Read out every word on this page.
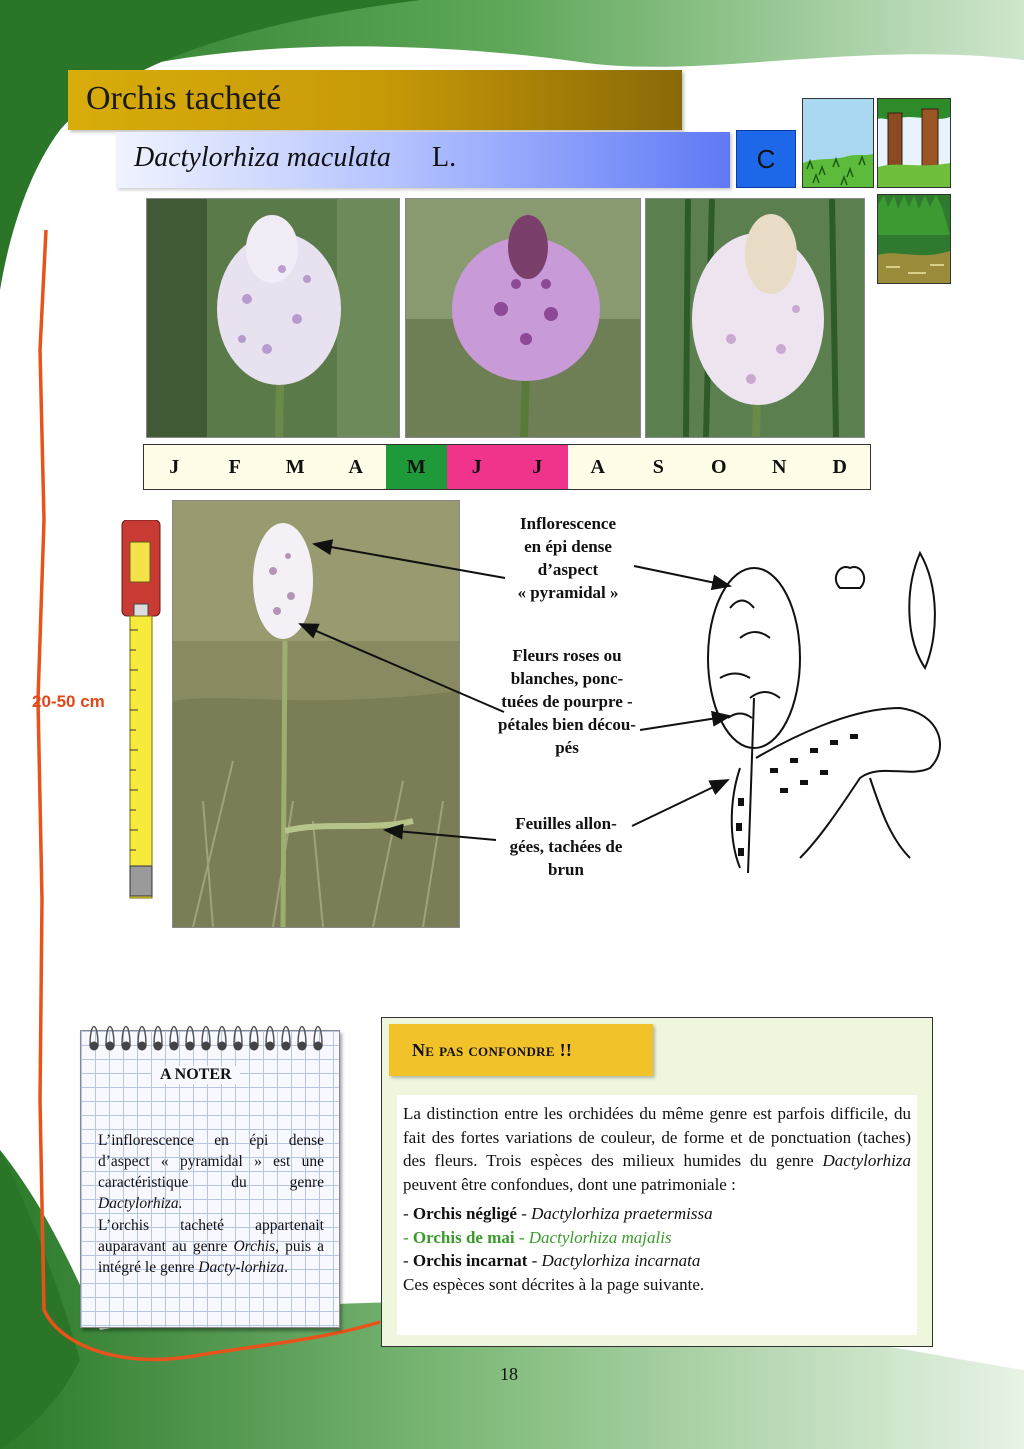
Orchis tacheté
Dactylorhiza maculata L.	C
J	F	M	A	M	J	J	A	S	O	N	D
20-50 cm
Inflorescence
en épi dense
d’aspect
« pyramidal »
Fleurs roses ou
blanches, ponc-
tuées de pourpre -
pétales bien décou-
pés
Feuilles allon-
gées, tachées de
brun
A NOTER

L’inflorescence en épi dense d’aspect « pyramidal » est une caractéristique du genre Dactylorhiza.

L’orchis tacheté appartenait auparavant au genre Orchis, puis a intégré le genre Dacty-lorhiza.

Ne pas confondre !!

La distinction entre les orchidées du même genre est parfois difficile, du fait des fortes variations de couleur, de forme et de ponctuation (taches) des fleurs. Trois espèces des milieux humides du genre Dactylorhiza peuvent être confondues, dont une patrimoniale :

- Orchis négligé - Dactylorhiza praetermissa

- Orchis de mai - Dactylorhiza majalis

- Orchis incarnat - Dactylorhiza incarnata

Ces espèces sont décrites à la page suivante.

18
